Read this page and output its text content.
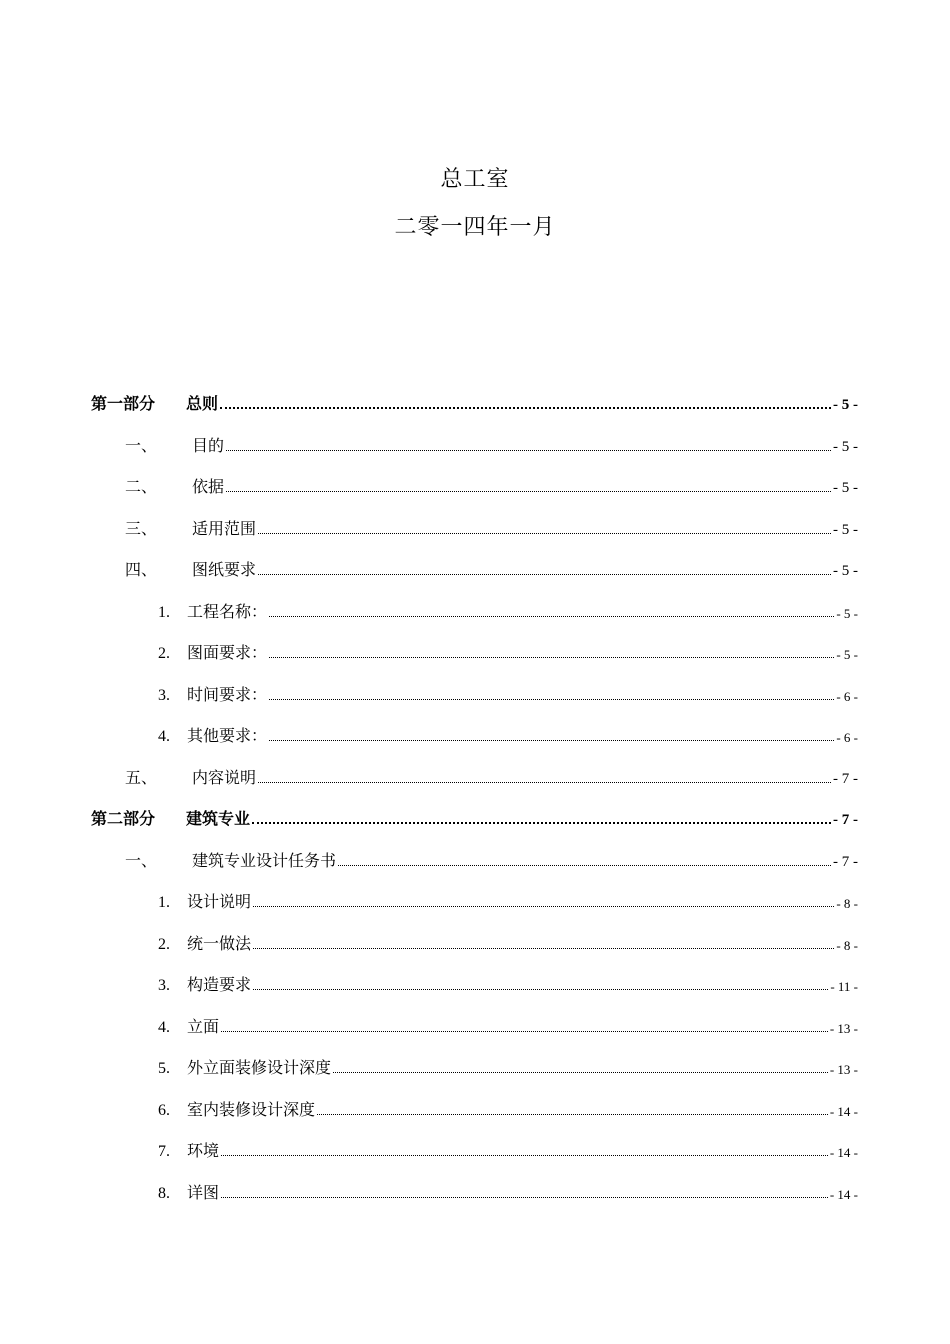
总工室
二零一四年一月
第一部分	总则	- 5 -
一、	目的	- 5 -
二、	依据	- 5 -
三、	适用范围	- 5 -
四、	图纸要求	- 5 -
1.	工程名称：	- 5 -
2.	图面要求：	- 5 -
3.	时间要求：	- 6 -
4.	其他要求：	- 6 -
五、	内容说明	- 7 -
第二部分	建筑专业	- 7 -
一、	建筑专业设计任务书	- 7 -
1.	设计说明	- 8 -
2.	统一做法	- 8 -
3.	构造要求	- 11 -
4.	立面	- 13 -
5.	外立面装修设计深度	- 13 -
6.	室内装修设计深度	- 14 -
7.	环境	- 14 -
8.	详图	- 14 -
